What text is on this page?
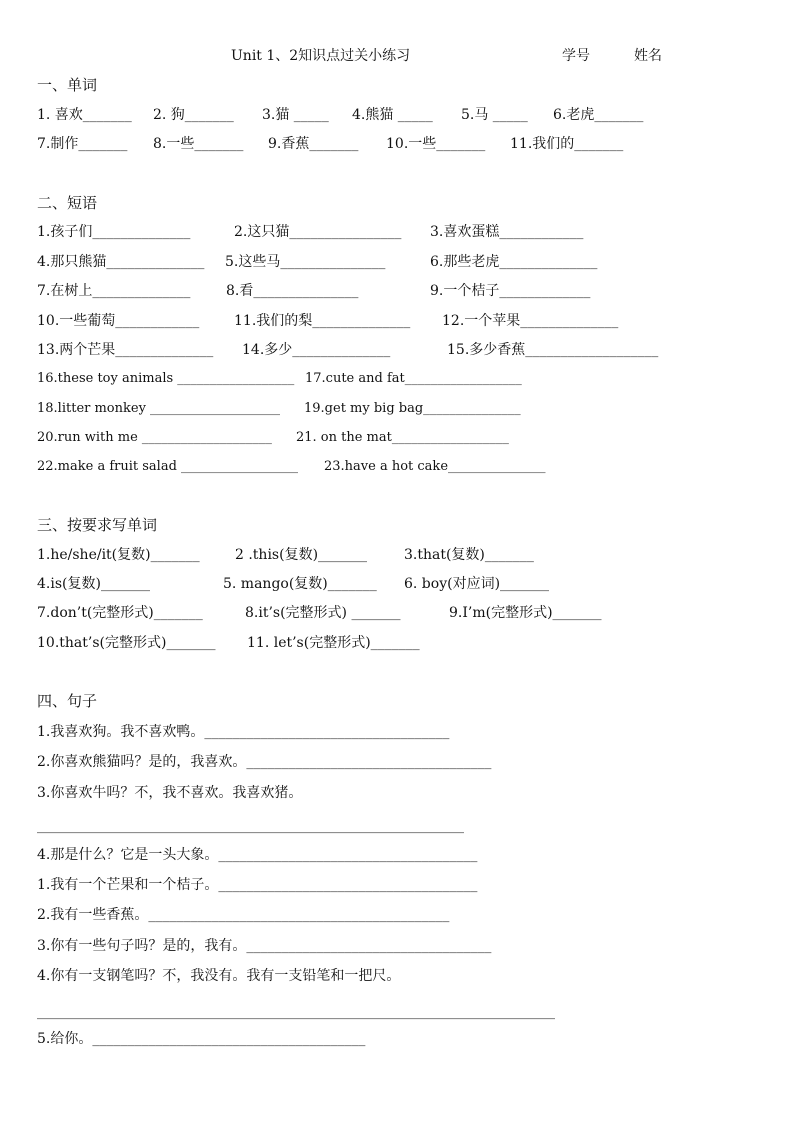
Unit 1、2知识点过关小练习	学号	姓名
一、单词
1. 喜欢_______ 2. 狗_______ 3.猫 _____ 4.熊猫 _____ 5.马 _____ 6.老虎_______
7.制作_______ 8.一些_______ 9.香蕉_______ 10.一些_______ 11.我们的_______
二、短语
1.孩子们______________	2.这只猫________________ 3.喜欢蛋糕____________
4.那只熊猫______________ 5.这些马_______________	6.那些老虎______________
7.在树上______________	8.看_______________	9.一个桔子_____________
10.一些葡萄____________ 11.我们的梨______________ 12.一个苹果______________
13.两个芒果______________ 14.多少______________	15.多少香蕉___________________
16.these toy animals __________________ 17.cute and fat__________________
18.litter monkey ____________________ 19.get my big bag_______________
20.run with me ____________________ 21. on the mat__________________
22.make a fruit salad __________________ 23.have a hot cake_______________
三、按要求写单词
1.he/she/it(复数)_______	2 .this(复数)_______	3.that(复数)_______
4.is(复数)_______	5. mango(复数)_______ 6. boy(对应词)_______
7.don’t(完整形式)_______	8.it’s(完整形式) _______	9.I’m(完整形式)_______
10.that’s(完整形式)_______ 11. let’s(完整形式)_______
四、句子
1.我喜欢狗。我不喜欢鸭。___________________________________
2.你喜欢熊猫吗？是的，我喜欢。___________________________________
3.你喜欢牛吗？不，我不喜欢。我喜欢猪。
_____________________________________________________________
4.那是什么？它是一头大象。_____________________________________
1.我有一个芒果和一个桔子。_____________________________________
2.我有一些香蕉。___________________________________________
3.你有一些句子吗？是的，我有。___________________________________
4.你有一支钢笔吗？不，我没有。我有一支铅笔和一把尺。
__________________________________________________________________________
5.给你。_______________________________________
